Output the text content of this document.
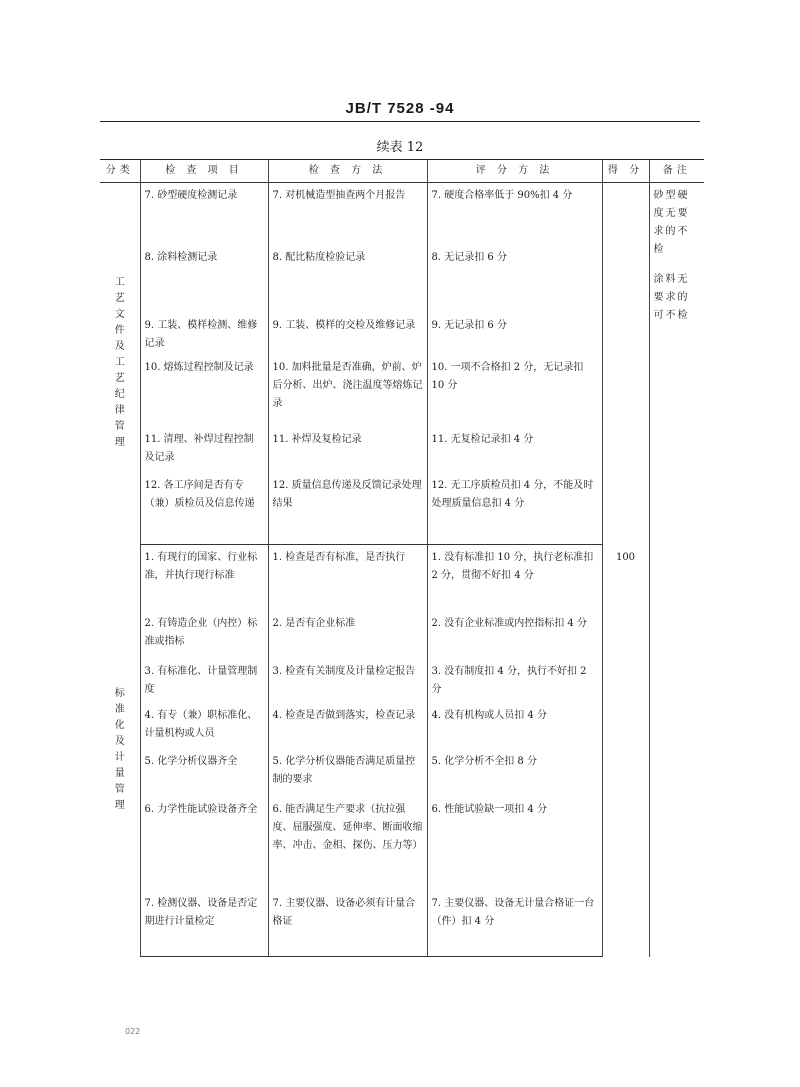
JB/T 7528 -94
续表 12
分类	检 查 项 目	检 查 方 法	评 分 方 法	得 分	备注
工艺文件及工艺纪律管理	7. 砂型硬度检测记录	7. 对机械造型抽查两个月报告	7. 硬度合格率低于 90%扣 4 分		砂型硬度无要求的不检
涂料无要求的可不检

	8. 涂料检测记录	8. 配比粘度检验记录	8. 无记录扣 6 分		

	9. 工装、模样检测、维修记录	9. 工装、模样的交检及维修记录	9. 无记录扣 6 分		

	10. 熔炼过程控制及记录	10. 加料批量是否准确，炉前、炉后分析、出炉、浇注温度等熔炼记录	10. 一项不合格扣 2 分，无记录扣 10 分		

	11. 清理、补焊过程控制及记录	11. 补焊及复检记录	11. 无复检记录扣 4 分		

	12. 各工序间是否有专（兼）质检员及信息传递	12. 质量信息传递及反馈记录处理结果	12. 无工序质检员扣 4 分，不能及时处理质量信息扣 4 分		

标准化及计量管理	1. 有现行的国家、行业标准，并执行现行标准	1. 检查是否有标准，是否执行	1. 没有标准扣 10 分，执行老标准扣 2 分，贯彻不好扣 4 分	100	

	2. 有铸造企业（内控）标准或指标	2. 是否有企业标准	2. 没有企业标准或内控指标扣 4 分		

	3. 有标准化、计量管理制度	3. 检查有关制度及计量检定报告	3. 没有制度扣 4 分，执行不好扣 2 分		

	4. 有专（兼）职标准化、计量机构或人员	4. 检查是否做到落实，检查记录	4. 没有机构或人员扣 4 分		

	5. 化学分析仪器齐全	5. 化学分析仪器能否满足质量控制的要求	5. 化学分析不全扣 8 分		

	6. 力学性能试验设备齐全	6. 能否满足生产要求（抗拉强度、屈服强度、延伸率、断面收缩率、冲击、金相、探伤、压力等）	6. 性能试验缺一项扣 4 分		

	7. 检测仪器、设备是否定期进行计量检定	7. 主要仪器、设备必须有计量合格证	7. 主要仪器、设备无计量合格证一台（件）扣 4 分		
022
